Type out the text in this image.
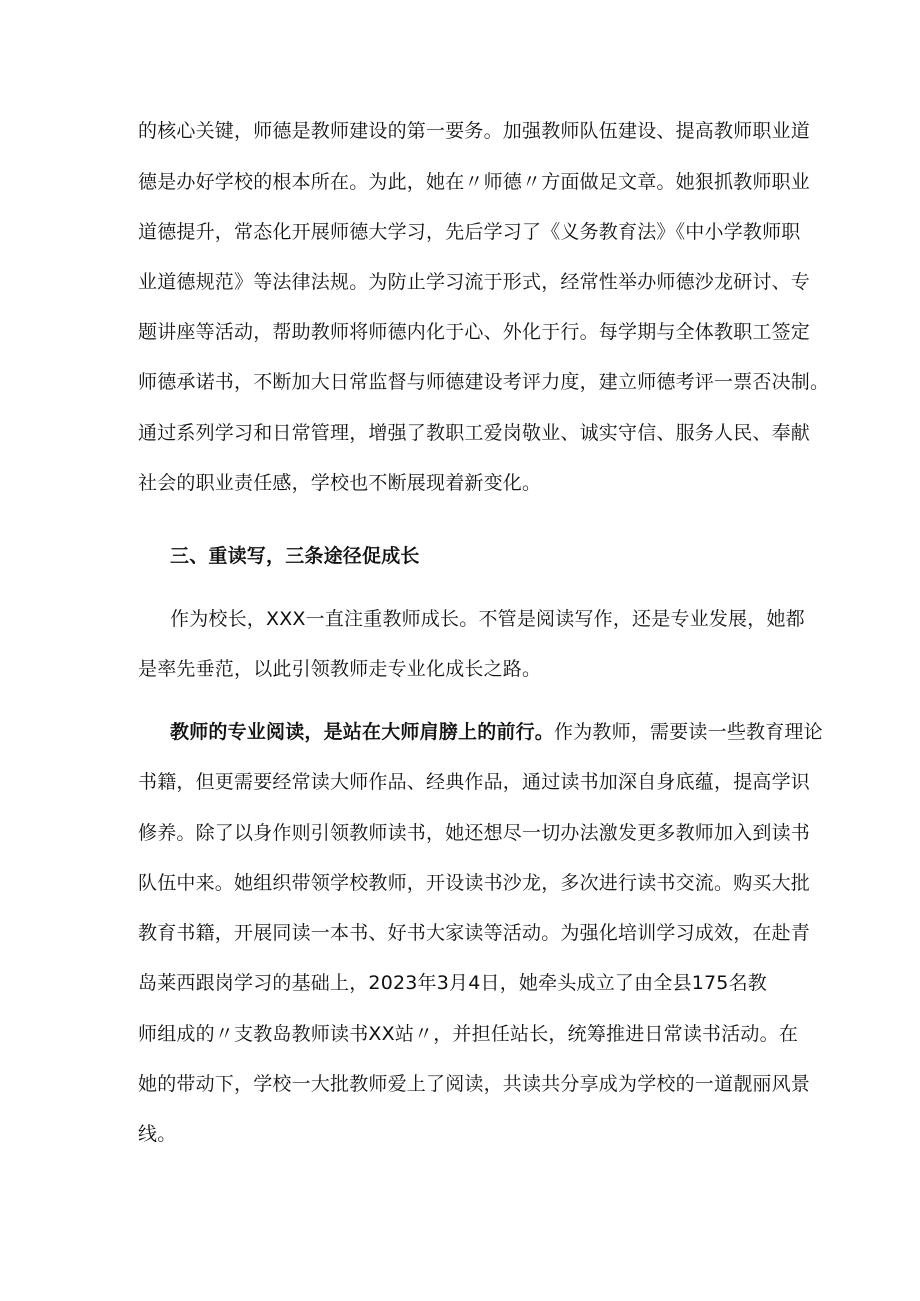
的核心关键，师德是教师建设的第一要务。加强教师队伍建设、提高教师职业道
德是办好学校的根本所在。为此，她在〃师德〃方面做足文章。她狠抓教师职业
道德提升，常态化开展师德大学习，先后学习了《义务教育法》《中小学教师职
业道德规范》等法律法规。为防止学习流于形式，经常性举办师德沙龙研讨、专
题讲座等活动，帮助教师将师德内化于心、外化于行。每学期与全体教职工签定
师德承诺书，不断加大日常监督与师德建设考评力度，建立师德考评一票否决制。
通过系列学习和日常管理，增强了教职工爱岗敬业、诚实守信、服务人民、奉献
社会的职业责任感，学校也不断展现着新变化。
三、重读写，三条途径促成长
作为校长，XXX一直注重教师成长。不管是阅读写作，还是专业发展，她都
是率先垂范，以此引领教师走专业化成长之路。
教师的专业阅读，是站在大师肩膀上的前行。作为教师，需要读一些教育理论
书籍，但更需要经常读大师作品、经典作品，通过读书加深自身底蕴，提高学识
修养。除了以身作则引领教师读书，她还想尽一切办法激发更多教师加入到读书
队伍中来。她组织带领学校教师，开设读书沙龙，多次进行读书交流。购买大批
教育书籍，开展同读一本书、好书大家读等活动。为强化培训学习成效，在赴青
岛莱西跟岗学习的基础上，2023年3月4日，她牵头成立了由全县175名教
师组成的〃支教岛教师读书XX站〃，并担任站长，统筹推进日常读书活动。在
她的带动下，学校一大批教师爱上了阅读，共读共分享成为学校的一道靓丽风景
线。
